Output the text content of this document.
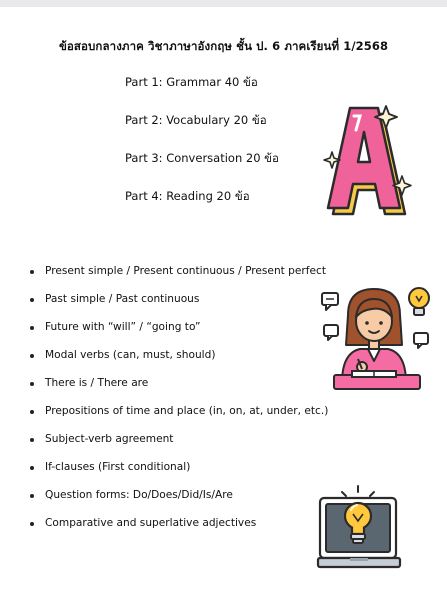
ข้อสอบกลางภาค วิชาภาษาอังกฤษ ชั้น ป. 6 ภาคเรียนที่ 1/2568
Part 1: Grammar 40 ข้อ
Part 2: Vocabulary 20 ข้อ
Part 3: Conversation 20 ข้อ
Part 4: Reading 20 ข้อ
Present simple / Present continuous / Present perfect
Past simple / Past continuous
Future with “will” / “going to”
Modal verbs (can, must, should)
There is / There are
Prepositions of time and place (in, on, at, under, etc.)
Subject-verb agreement
If-clauses (First conditional)
Question forms: Do/Does/Did/Is/Are
Comparative and superlative adjectives
